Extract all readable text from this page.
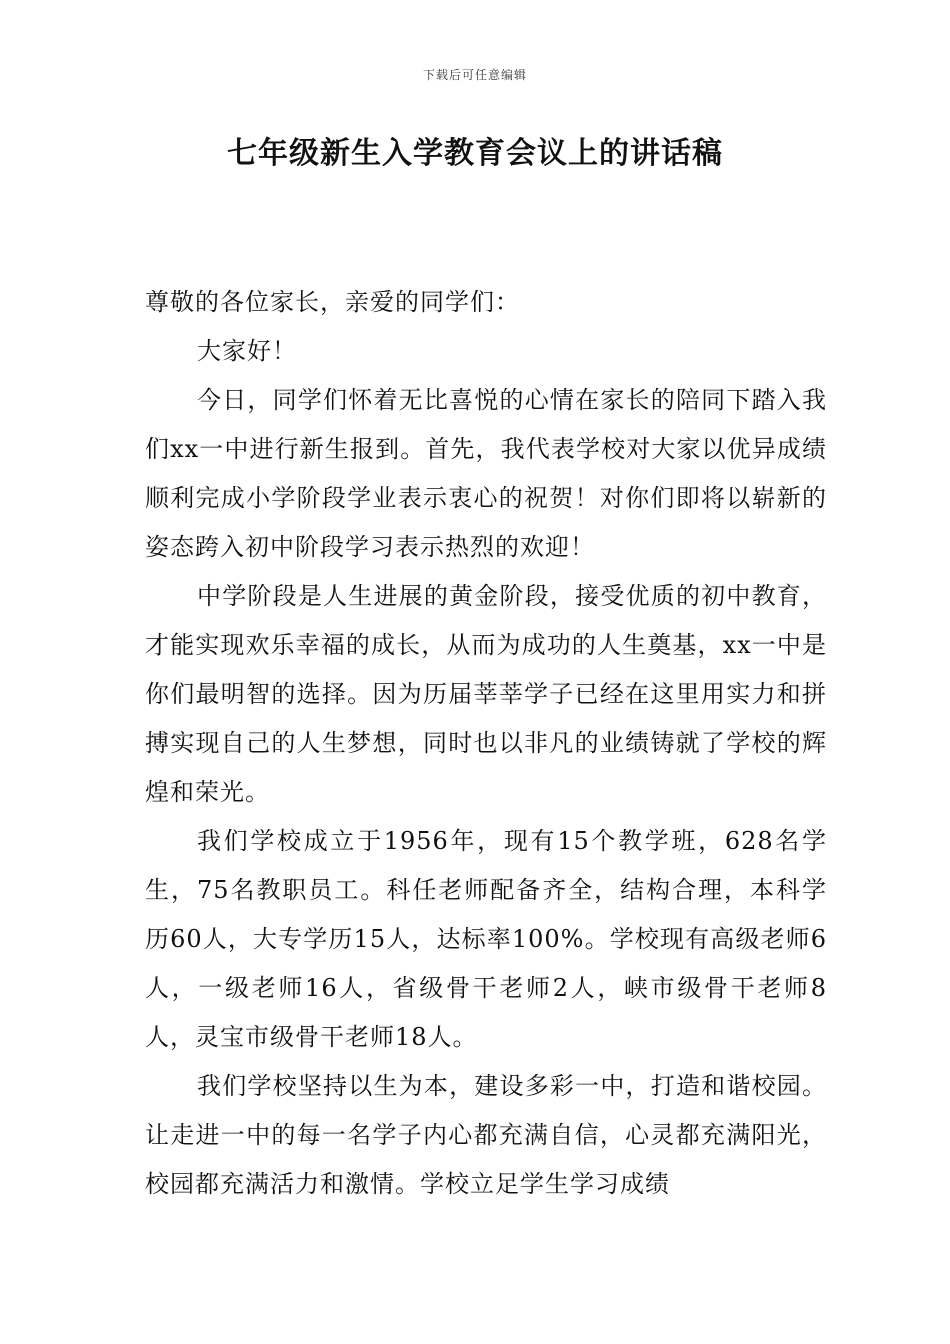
下载后可任意编辑
七年级新生入学教育会议上的讲话稿

尊敬的各位家长，亲爱的同学们：

大家好！

今日，同学们怀着无比喜悦的心情在家长的陪同下踏入我们xx一中进行新生报到。首先，我代表学校对大家以优异成绩顺利完成小学阶段学业表示衷心的祝贺！对你们即将以崭新的姿态跨入初中阶段学习表示热烈的欢迎！

中学阶段是人生进展的黄金阶段，接受优质的初中教育，才能实现欢乐幸福的成长，从而为成功的人生奠基，xx一中是你们最明智的选择。因为历届莘莘学子已经在这里用实力和拼搏实现自己的人生梦想，同时也以非凡的业绩铸就了学校的辉煌和荣光。

我们学校成立于1956年，现有15个教学班，628名学生，75名教职员工。科任老师配备齐全，结构合理，本科学历60人，大专学历15人，达标率100%。学校现有高级老师6人，一级老师16人，省级骨干老师2人，峡市级骨干老师8人，灵宝市级骨干老师18人。

我们学校坚持以生为本，建设多彩一中，打造和谐校园。让走进一中的每一名学子内心都充满自信，心灵都充满阳光，校园都充满活力和激情。学校立足学生学习成绩
